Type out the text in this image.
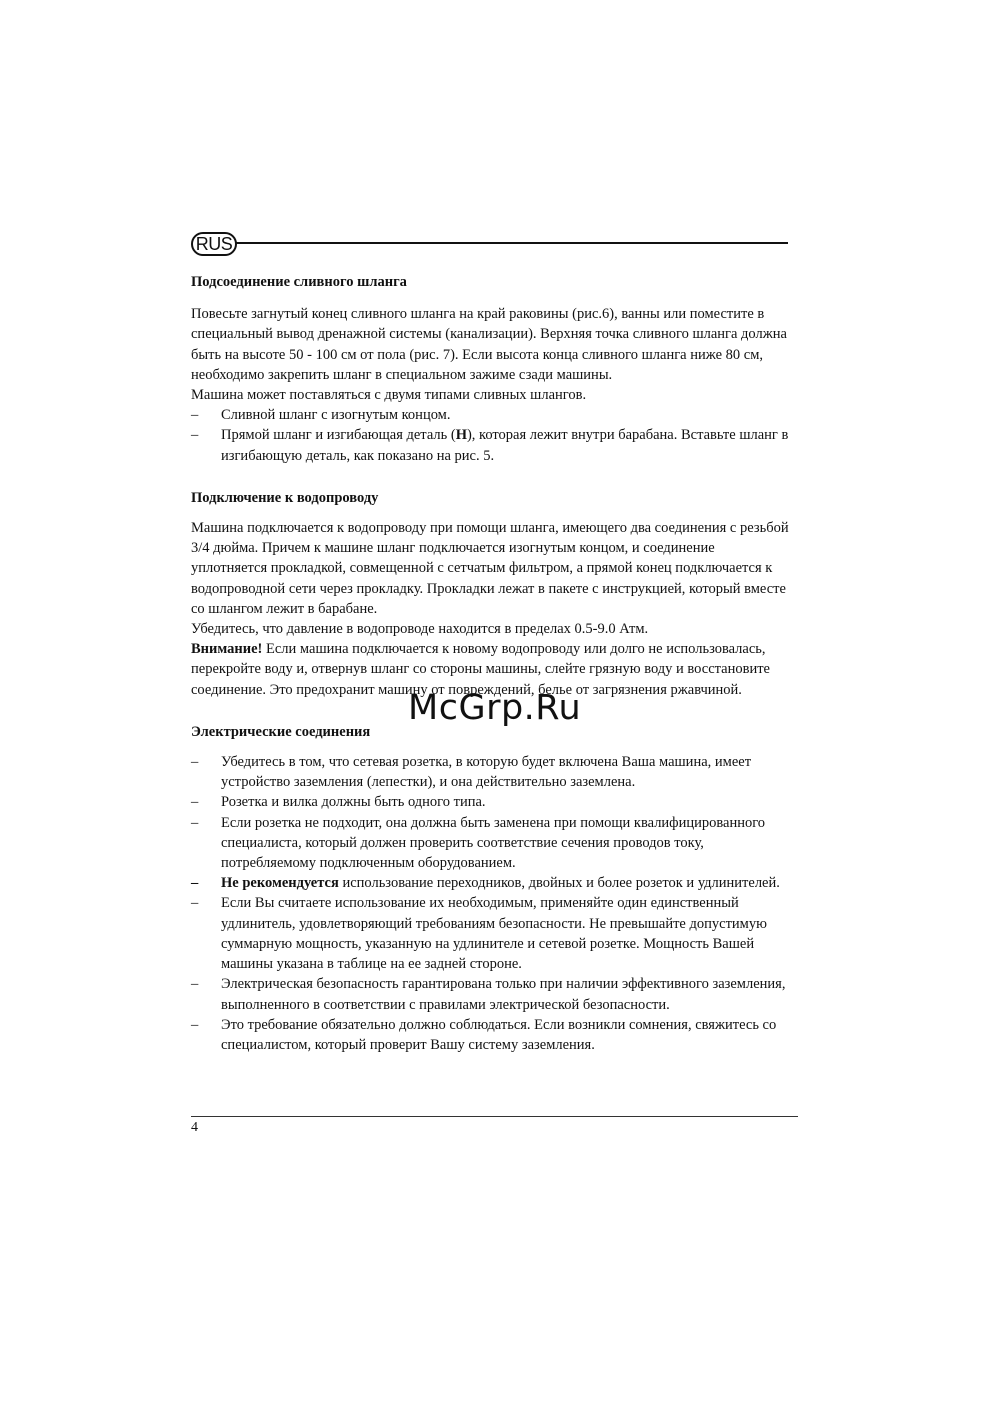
RUS
Подсоединение сливного шланга

Повесьте загнутый конец сливного шланга на край раковины (рис.6), ванны или поместите в специальный вывод дренажной системы (канализации). Верхняя точка сливного шланга должна быть на высоте 50 - 100 см от пола (рис. 7). Если высота конца сливного шланга ниже 80 см, необходимо закрепить шланг в специальном зажиме сзади машины.

Машина может поставляться с двумя типами сливных шлангов.

– Сливной шланг с изогнутым концом.
– Прямой шланг и изгибающая деталь (H), которая лежит внутри барабана. Вставьте шланг в изгибающую деталь, как показано на рис. 5.
Подключение к водопроводу

Машина подключается к водопроводу при помощи шланга, имеющего два соединения с резьбой 3/4 дюйма. Причем к машине шланг подключается изогнутым концом, и соединение уплотняется прокладкой, совмещенной с сетчатым фильтром, а прямой конец подключается к водопроводной сети через прокладку. Прокладки лежат в пакете с инструкцией, который вместе со шлангом лежит в барабане.

Убедитесь, что давление в водопроводе находится в пределах 0.5-9.0 Атм.

Внимание! Если машина подключается к новому водопроводу или долго не использовалась, перекройте воду и, отвернув шланг со стороны машины, слейте грязную воду и восстановите соединение. Это предохранит машину от повреждений, белье от загрязнения ржавчиной.

Электрические соединения
– Убедитесь в том, что сетевая розетка, в которую будет включена Ваша машина, имеет устройство заземления (лепестки), и она действительно заземлена.
– Розетка и вилка должны быть одного типа.
– Если розетка не подходит, она должна быть заменена при помощи квалифицированного специалиста, который должен проверить соответствие сечения проводов току, потребляемому подключенным оборудованием.
– Не рекомендуется использование переходников, двойных и более розеток и удлинителей.
– Если Вы считаете использование их необходимым, применяйте один единственный удлинитель, удовлетворяющий требованиям безопасности. Не превышайте допустимую суммарную мощность, указанную на удлинителе и сетевой розетке. Мощность Вашей машины указана в таблице на ее задней стороне.
– Электрическая безопасность гарантирована только при наличии эффективного заземления, выполненного в соответствии с правилами электрической безопасности.
– Это требование обязательно должно соблюдаться. Если возникли сомнения, свяжитесь со специалистом, который проверит Вашу систему заземления.
McGrp.Ru
4
